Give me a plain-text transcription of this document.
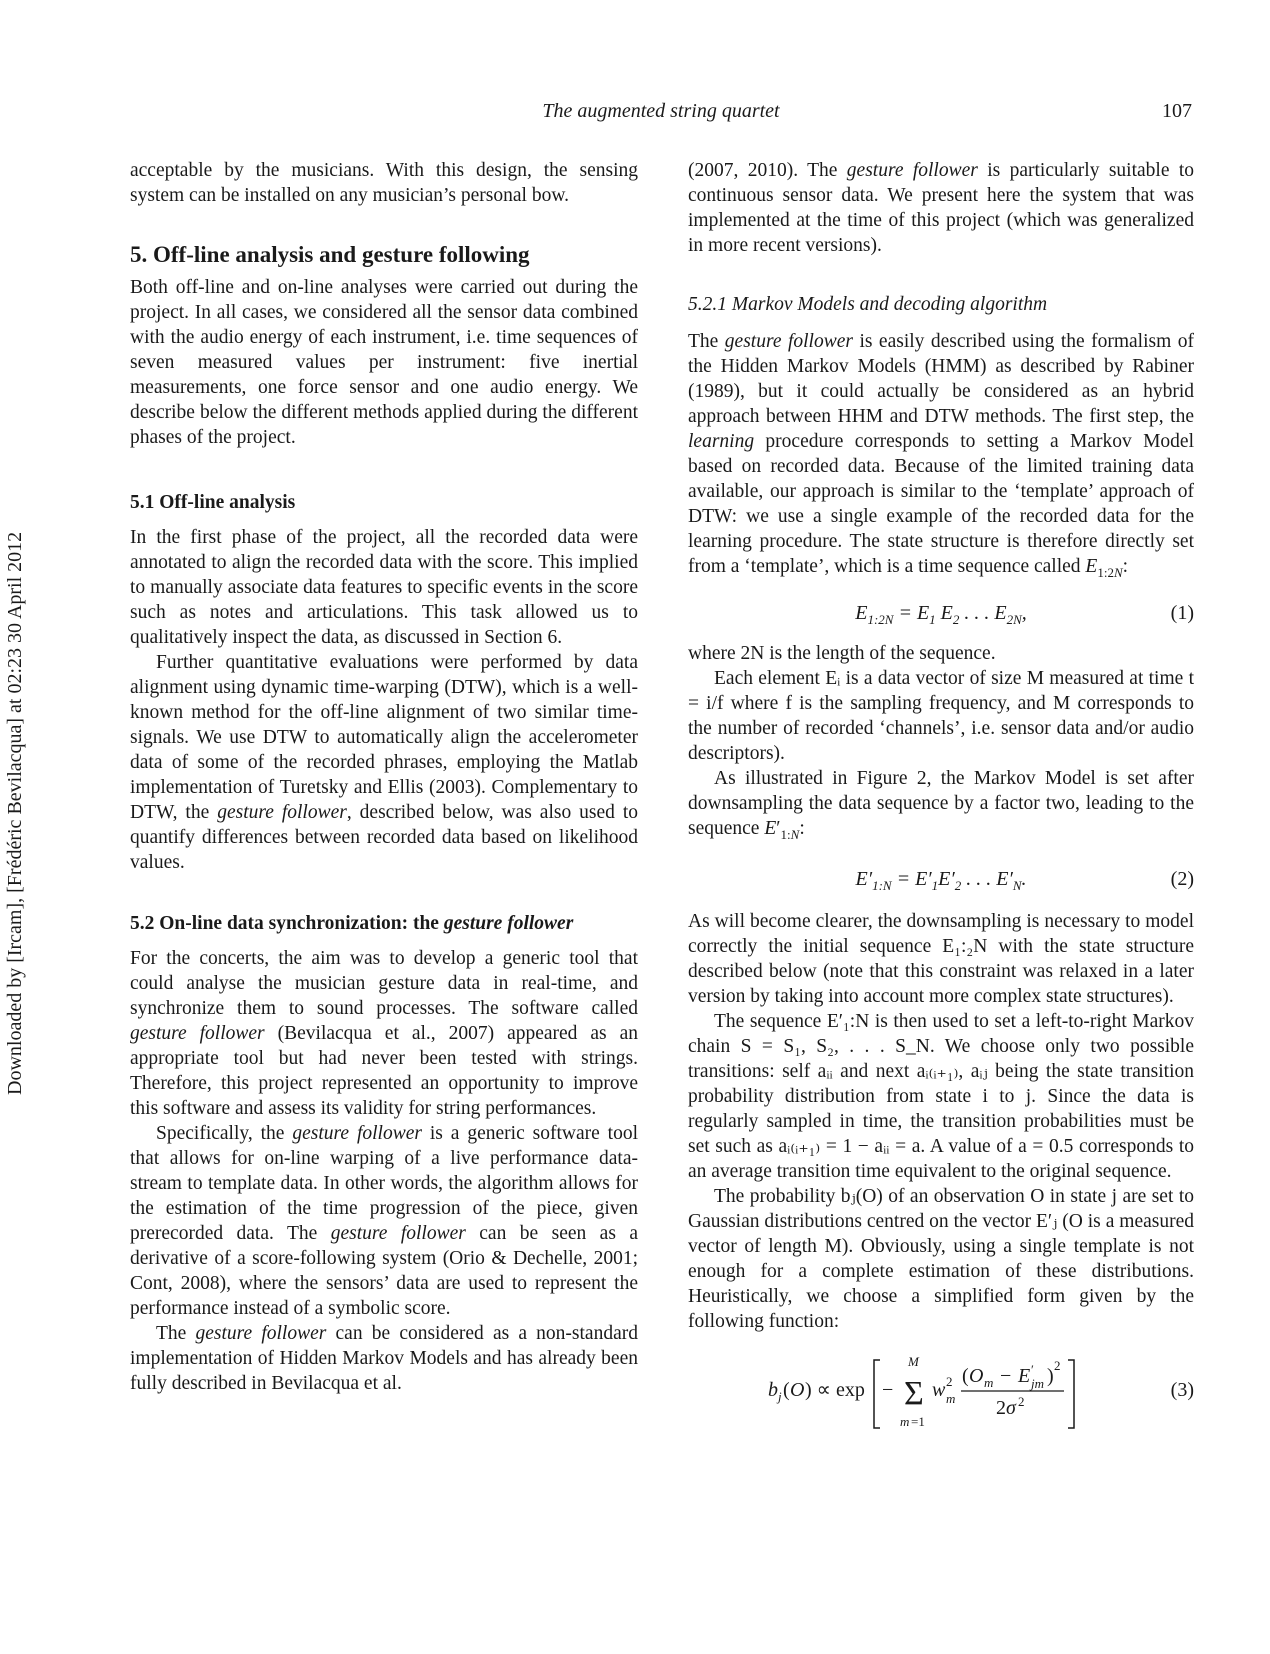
The augmented string quartet	107
Downloaded by [Ircam], [Frédéric Bevilacqua] at 02:23 30 April 2012

acceptable by the musicians. With this design, the sensing system can be installed on any musician’s personal bow.

5. Off-line analysis and gesture following

Both off-line and on-line analyses were carried out during the project. In all cases, we considered all the sensor data combined with the audio energy of each instrument, i.e. time sequences of seven measured values per instrument: five inertial measurements, one force sensor and one audio energy. We describe below the different methods applied during the different phases of the project.

5.1 Off-line analysis

In the first phase of the project, all the recorded data were annotated to align the recorded data with the score. This implied to manually associate data features to specific events in the score such as notes and articulations. This task allowed us to qualitatively inspect the data, as discussed in Section 6.

Further quantitative evaluations were performed by data alignment using dynamic time-warping (DTW), which is a well-known method for the off-line alignment of two similar time-signals. We use DTW to automatically align the accelerometer data of some of the recorded phrases, employing the Matlab implementation of Turetsky and Ellis (2003). Complementary to DTW, the gesture follower, described below, was also used to quantify differences between recorded data based on likelihood values.

5.2 On-line data synchronization: the gesture follower

For the concerts, the aim was to develop a generic tool that could analyse the musician gesture data in real-time, and synchronize them to sound processes. The software called gesture follower (Bevilacqua et al., 2007) appeared as an appropriate tool but had never been tested with strings. Therefore, this project represented an opportunity to improve this software and assess its validity for string performances.

Specifically, the gesture follower is a generic software tool that allows for on-line warping of a live performance data-stream to template data. In other words, the algorithm allows for the estimation of the time progression of the piece, given prerecorded data. The gesture follower can be seen as a derivative of a score-following system (Orio & Dechelle, 2001; Cont, 2008), where the sensors’ data are used to represent the performance instead of a symbolic score.

The gesture follower can be considered as a non-standard implementation of Hidden Markov Models and has already been fully described in Bevilacqua et al.

(2007, 2010). The gesture follower is particularly suitable to continuous sensor data. We present here the system that was implemented at the time of this project (which was generalized in more recent versions).

5.2.1 Markov Models and decoding algorithm

The gesture follower is easily described using the formalism of the Hidden Markov Models (HMM) as described by Rabiner (1989), but it could actually be considered as an hybrid approach between HHM and DTW methods. The first step, the learning procedure corresponds to setting a Markov Model based on recorded data. Because of the limited training data available, our approach is similar to the ‘template’ approach of DTW: we use a single example of the recorded data for the learning procedure. The state structure is therefore directly set from a ‘template’, which is a time sequence called $E_{1:2N}$:

$E_{1:2N} = E_1$ $E_2$ . . . $E_{2N}$,	(1)

where 2N is the length of the sequence.

Each element Eᵢ is a data vector of size M measured at time t = i/f where f is the sampling frequency, and M corresponds to the number of recorded ‘channels’, i.e. sensor data and/or audio descriptors).

As illustrated in Figure 2, the Markov Model is set after downsampling the data sequence by a factor two, leading to the sequence $E'_{1:N}$:

$E'_{1:N} = E'_1E'_2$ . . . $E'_N$.	(2)

As will become clearer, the downsampling is necessary to model correctly the initial sequence E₁:₂N with the state structure described below (note that this constraint was relaxed in a later version by taking into account more complex state structures).

The sequence E′₁:N is then used to set a left-to-right Markov chain S = S₁, S₂, . . . S_N. We choose only two possible transitions: self aᵢᵢ and next aᵢ₍ᵢ₊₁₎, aᵢⱼ being the state transition probability distribution from state i to j. Since the data is regularly sampled in time, the transition probabilities must be set such as aᵢ₍ᵢ₊₁₎ = 1 − aᵢᵢ = a. A value of a = 0.5 corresponds to an average transition time equivalent to the original sequence.

The probability bⱼ(O) of an observation O in state j are set to Gaussian distributions centred on the vector E′ⱼ (O is a measured vector of length M). Obviously, using a single template is not enough for a complete estimation of these distributions. Heuristically, we choose a simplified form given by the following function:

b j ( O ) ∝ exp − Σ
M
m =1
w 2
m
( O m − E ′
jm ) 2
2 σ 2
(3)
